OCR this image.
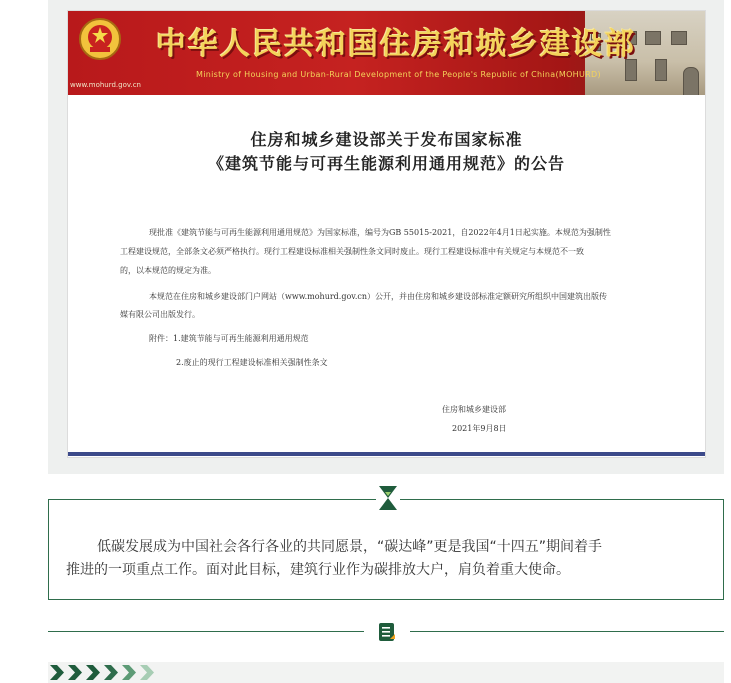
中华人民共和国住房和城乡建设部
Ministry of Housing and Urban-Rural Development of the People's Republic of China(MOHURD)
www.mohurd.gov.cn
住房和城乡建设部关于发布国家标准
《建筑节能与可再生能源利用通用规范》的公告
现批准《建筑节能与可再生能源利用通用规范》为国家标准，编号为GB 55015-2021，自2022年4月1日起实施。本规范为强制性
工程建设规范，全部条文必须严格执行。现行工程建设标准相关强制性条文同时废止。现行工程建设标准中有关规定与本规范不一致
的，以本规范的规定为准。
本规范在住房和城乡建设部门户网站（www.mohurd.gov.cn）公开，并由住房和城乡建设部标准定额研究所组织中国建筑出版传
媒有限公司出版发行。
附件：1.建筑节能与可再生能源利用通用规范
2.废止的现行工程建设标准相关强制性条文
住房和城乡建设部
2021年9月8日
低碳发展成为中国社会各行各业的共同愿景，“碳达峰”更是我国“十四五”期间着手
推进的一项重点工作。面对此目标，建筑行业作为碳排放大户，肩负着重大使命。
